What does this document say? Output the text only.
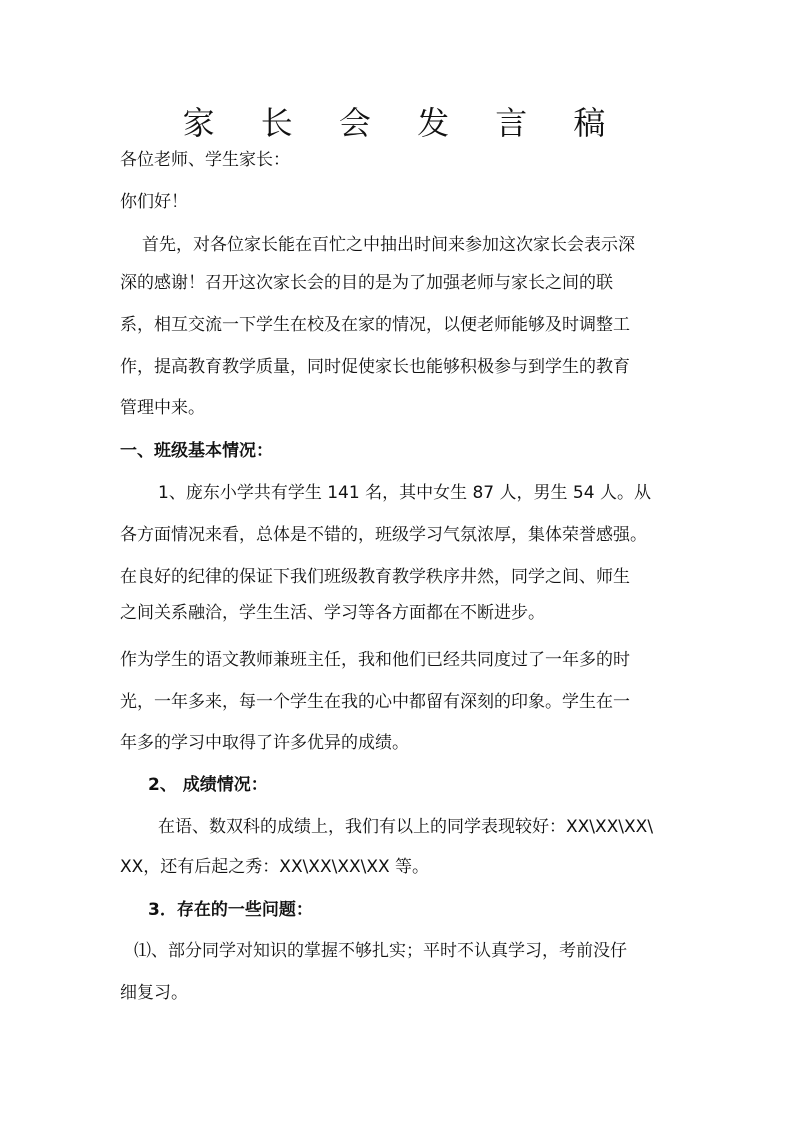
家 长 会 发 言 稿
各位老师、学生家长：
你们好！
首先，对各位家长能在百忙之中抽出时间来参加这次家长会表示深
深的感谢！召开这次家长会的目的是为了加强老师与家长之间的联
系，相互交流一下学生在校及在家的情况，以便老师能够及时调整工
作，提高教育教学质量，同时促使家长也能够积极参与到学生的教育
管理中来。
一、班级基本情况：
1、庞东小学共有学生 141 名，其中女生 87 人，男生 54 人。从
各方面情况来看，总体是不错的，班级学习气氛浓厚，集体荣誉感强。
在良好的纪律的保证下我们班级教育教学秩序井然，同学之间、师生
之间关系融洽，学生生活、学习等各方面都在不断进步。
作为学生的语文教师兼班主任，我和他们已经共同度过了一年多的时
光，一年多来，每一个学生在我的心中都留有深刻的印象。学生在一
年多的学习中取得了许多优异的成绩。
2、 成绩情况：
在语、数双科的成绩上，我们有以上的同学表现较好：XX\XX\XX\
XX，还有后起之秀：XX\XX\XX\XX 等。
3．存在的一些问题：
⑴、部分同学对知识的掌握不够扎实；平时不认真学习，考前没仔
细复习。
